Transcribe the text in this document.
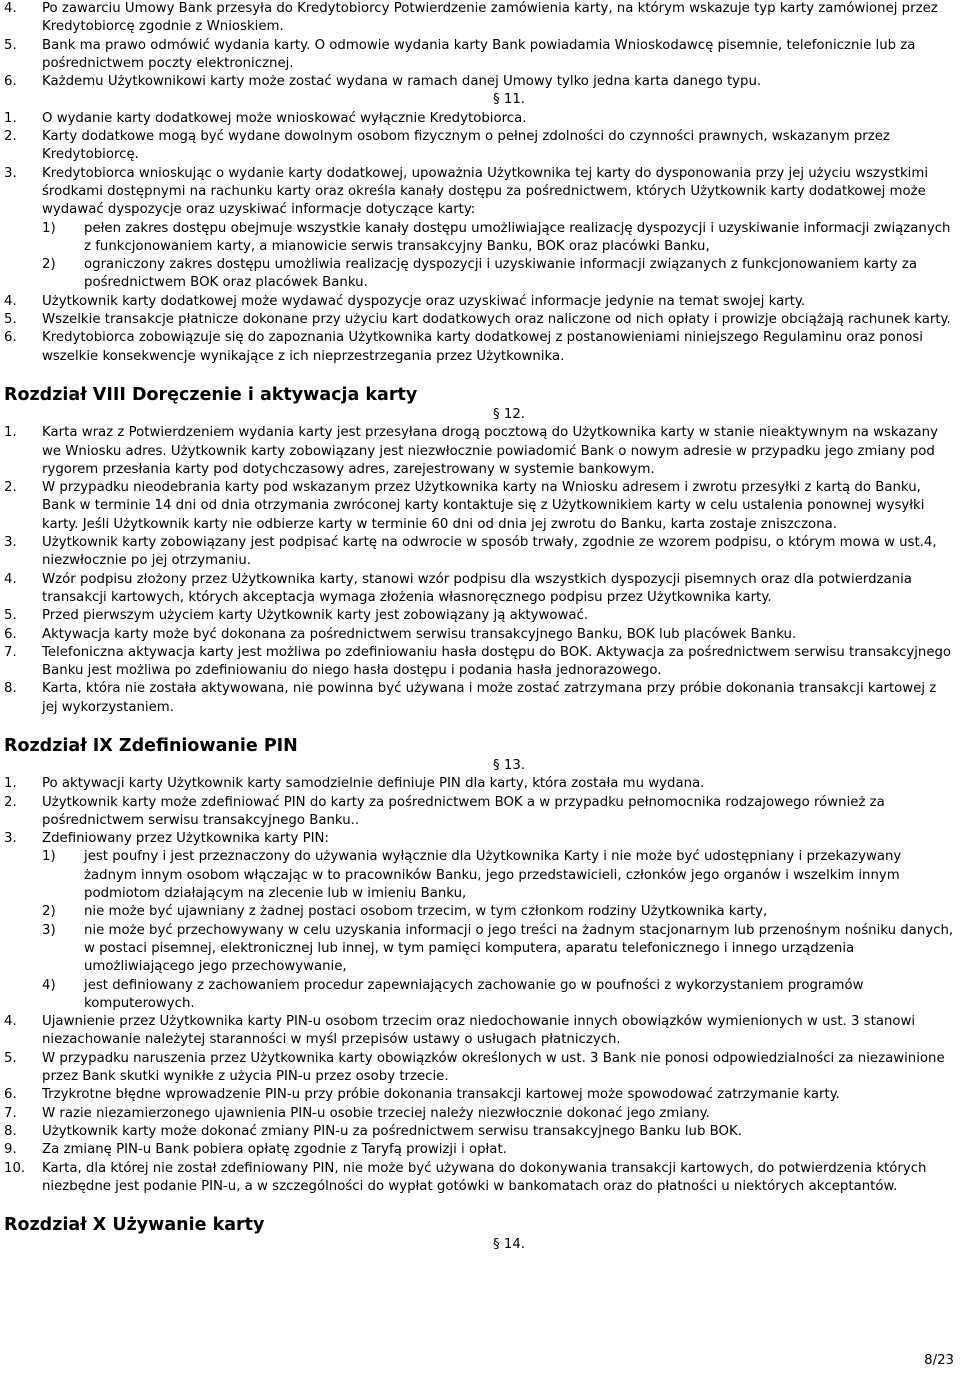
4.	Po zawarciu Umowy Bank przesyła do Kredytobiorcy Potwierdzenie zamówienia karty, na którym wskazuje typ karty zamówionej przez Kredytobiorcę zgodnie z Wnioskiem.

5.	Bank ma prawo odmówić wydania karty. O odmowie wydania karty Bank powiadamia Wnioskodawcę pisemnie, telefonicznie lub za pośrednictwem poczty elektronicznej.

6.	Każdemu Użytkownikowi karty może zostać wydana w ramach danej Umowy tylko jedna karta danego typu.

§ 11.

1.	O wydanie karty dodatkowej może wnioskować wyłącznie Kredytobiorca.

2.	Karty dodatkowe mogą być wydane dowolnym osobom fizycznym o pełnej zdolności do czynności prawnych, wskazanym przez Kredytobiorcę.

3.	Kredytobiorca wnioskując o wydanie karty dodatkowej, upoważnia Użytkownika tej karty do dysponowania przy jej użyciu wszystkimi środkami dostępnymi na rachunku karty oraz określa kanały dostępu za pośrednictwem, których Użytkownik karty dodatkowej może wydawać dyspozycje oraz uzyskiwać informacje dotyczące karty:

1)	pełen zakres dostępu obejmuje wszystkie kanały dostępu umożliwiające realizację dyspozycji i uzyskiwanie informacji związanych z funkcjonowaniem karty, a mianowicie serwis transakcyjny Banku, BOK oraz placówki Banku,

2)	ograniczony zakres dostępu umożliwia realizację dyspozycji i uzyskiwanie informacji związanych z funkcjonowaniem karty za pośrednictwem BOK oraz placówek Banku.

4.	Użytkownik karty dodatkowej może wydawać dyspozycje oraz uzyskiwać informacje jedynie na temat swojej karty.

5.	Wszelkie transakcje płatnicze dokonane przy użyciu kart dodatkowych oraz naliczone od nich opłaty i prowizje obciążają rachunek karty.

6.	Kredytobiorca zobowiązuje się do zapoznania Użytkownika karty dodatkowej z postanowieniami niniejszego Regulaminu oraz ponosi wszelkie konsekwencje wynikające z ich nieprzestrzegania przez Użytkownika.

Rozdział VIII Doręczenie i aktywacja karty

§ 12.

1.	Karta wraz z Potwierdzeniem wydania karty jest przesyłana drogą pocztową do Użytkownika karty w stanie nieaktywnym na wskazany we Wniosku adres. Użytkownik karty zobowiązany jest niezwłocznie powiadomić Bank o nowym adresie w przypadku jego zmiany pod rygorem przesłania karty pod dotychczasowy adres, zarejestrowany w systemie bankowym.

2.	W przypadku nieodebrania karty pod wskazanym przez Użytkownika karty na Wniosku adresem i zwrotu przesyłki z kartą do Banku, Bank w terminie 14 dni od dnia otrzymania zwróconej karty kontaktuje się z Użytkownikiem karty w celu ustalenia ponownej wysyłki karty. Jeśli Użytkownik karty nie odbierze karty w terminie 60 dni od dnia jej zwrotu do Banku, karta zostaje zniszczona.

3.	Użytkownik karty zobowiązany jest podpisać kartę na odwrocie w sposób trwały, zgodnie ze wzorem podpisu, o którym mowa w ust.4, niezwłocznie po jej otrzymaniu.

4.	Wzór podpisu złożony przez Użytkownika karty, stanowi wzór podpisu dla wszystkich dyspozycji pisemnych oraz dla potwierdzania transakcji kartowych, których akceptacja wymaga złożenia własnoręcznego podpisu przez Użytkownika karty.

5.	Przed pierwszym użyciem karty Użytkownik karty jest zobowiązany ją aktywować.

6.	Aktywacja karty może być dokonana za pośrednictwem serwisu transakcyjnego Banku, BOK lub placówek Banku.

7.	Telefoniczna aktywacja karty jest możliwa po zdefiniowaniu hasła dostępu do BOK. Aktywacja za pośrednictwem serwisu transakcyjnego Banku jest możliwa po zdefiniowaniu do niego hasła dostępu i podania hasła jednorazowego.

8.	Karta, która nie została aktywowana, nie powinna być używana i może zostać zatrzymana przy próbie dokonania transakcji kartowej z jej wykorzystaniem.

Rozdział IX Zdefiniowanie PIN

§ 13.

1.	Po aktywacji karty Użytkownik karty samodzielnie definiuje PIN dla karty, która została mu wydana.

2.	Użytkownik karty może zdefiniować PIN do karty za pośrednictwem BOK a w przypadku pełnomocnika rodzajowego również za pośrednictwem serwisu transakcyjnego Banku..

3.	Zdefiniowany przez Użytkownika karty PIN:

1)	jest poufny i jest przeznaczony do używania wyłącznie dla Użytkownika Karty i nie może być udostępniany i przekazywany żadnym innym osobom włączając w to pracowników Banku, jego przedstawicieli, członków jego organów i wszelkim innym podmiotom działającym na zlecenie lub w imieniu Banku,

2)	nie może być ujawniany z żadnej postaci osobom trzecim, w tym członkom rodziny Użytkownika karty,

3)	nie może być przechowywany w celu uzyskania informacji o jego treści na żadnym stacjonarnym lub przenośnym nośniku danych, w postaci pisemnej, elektronicznej lub innej, w tym pamięci komputera, aparatu telefonicznego i innego urządzenia umożliwiającego jego przechowywanie,

4)	jest definiowany z zachowaniem procedur zapewniających zachowanie go w poufności z wykorzystaniem programów komputerowych.

4.	Ujawnienie przez Użytkownika karty PIN-u osobom trzecim oraz niedochowanie innych obowiązków wymienionych w ust. 3 stanowi niezachowanie należytej staranności w myśl przepisów ustawy o usługach płatniczych.

5.	W przypadku naruszenia przez Użytkownika karty obowiązków określonych w ust. 3 Bank nie ponosi odpowiedzialności za niezawinione przez Bank skutki wynikłe z użycia PIN-u przez osoby trzecie.

6.	Trzykrotne błędne wprowadzenie PIN-u przy próbie dokonania transakcji kartowej może spowodować zatrzymanie karty.

7.	W razie niezamierzonego ujawnienia PIN-u osobie trzeciej należy niezwłocznie dokonać jego zmiany.

8.	Użytkownik karty może dokonać zmiany PIN-u za pośrednictwem serwisu transakcyjnego Banku lub BOK.

9.	Za zmianę PIN-u Bank pobiera opłatę zgodnie z Taryfą prowizji i opłat.

10.	Karta, dla której nie został zdefiniowany PIN, nie może być używana do dokonywania transakcji kartowych, do potwierdzenia których niezbędne jest podanie PIN-u, a w szczególności do wypłat gotówki w bankomatach oraz do płatności u niektórych akceptantów.

Rozdział X Używanie karty

§ 14.

8/23
